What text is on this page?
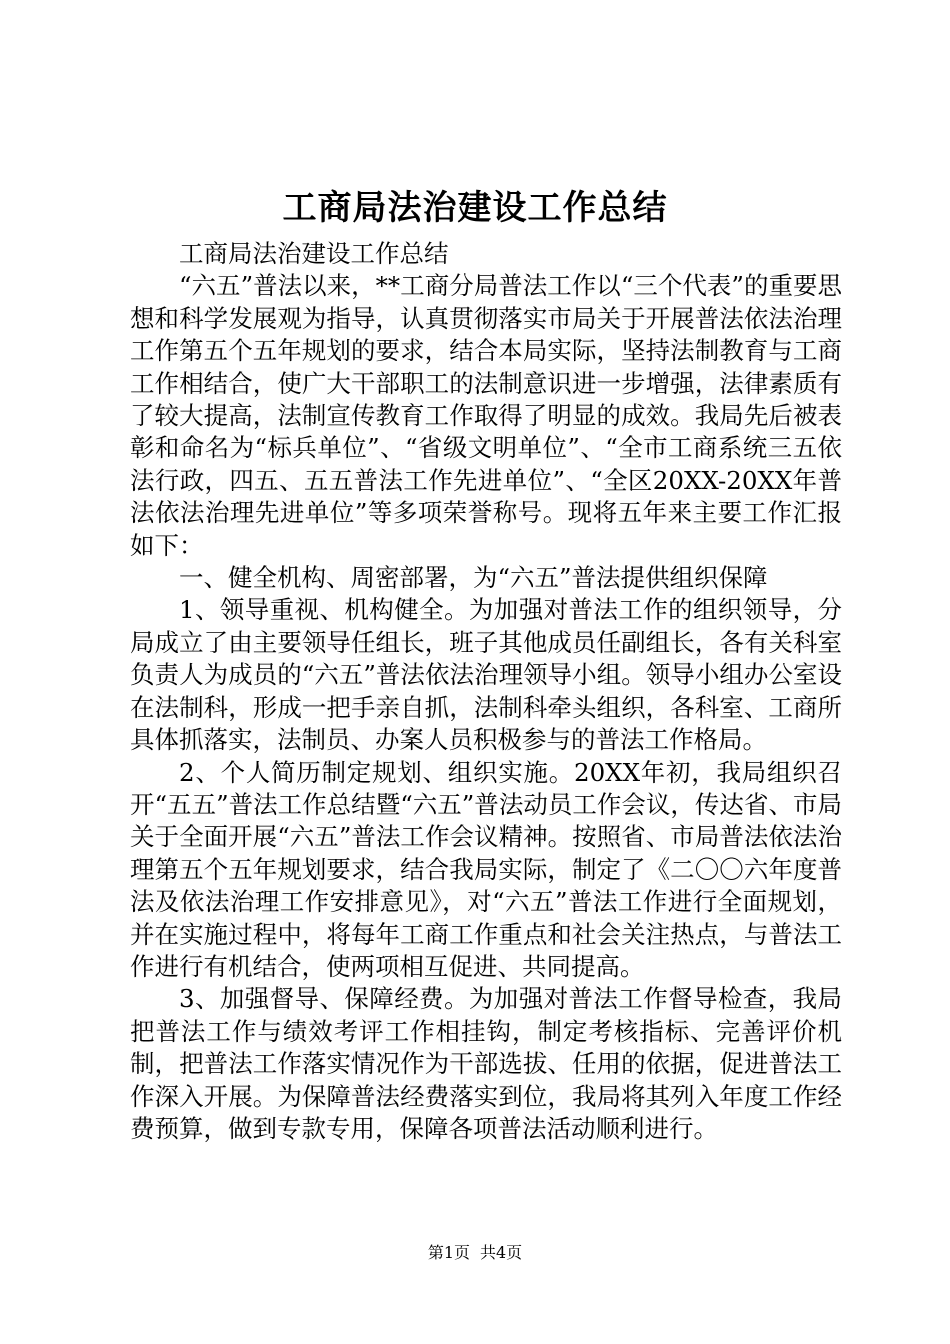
工商局法治建设工作总结

工商局法治建设工作总结

“六五”普法以来，**工商分局普法工作以“三个代表”的重要思想和科学发展观为指导，认真贯彻落实市局关于开展普法依法治理工作第五个五年规划的要求，结合本局实际，坚持法制教育与工商工作相结合，使广大干部职工的法制意识进一步增强，法律素质有了较大提高，法制宣传教育工作取得了明显的成效。我局先后被表彰和命名为“标兵单位”、“省级文明单位”、“全市工商系统三五依法行政，四五、五五普法工作先进单位”、“全区20XX-20XX年普法依法治理先进单位”等多项荣誉称号。现将五年来主要工作汇报如下：

一、健全机构、周密部署，为“六五”普法提供组织保障

1、领导重视、机构健全。为加强对普法工作的组织领导，分局成立了由主要领导任组长，班子其他成员任副组长，各有关科室负责人为成员的“六五”普法依法治理领导小组。领导小组办公室设在法制科，形成一把手亲自抓，法制科牵头组织，各科室、工商所具体抓落实，法制员、办案人员积极参与的普法工作格局。

2、个人简历制定规划、组织实施。20XX年初，我局组织召开“五五”普法工作总结暨“六五”普法动员工作会议，传达省、市局关于全面开展“六五”普法工作会议精神。按照省、市局普法依法治理第五个五年规划要求，结合我局实际，制定了《二〇〇六年度普法及依法治理工作安排意见》，对“六五”普法工作进行全面规划，并在实施过程中，将每年工商工作重点和社会关注热点，与普法工作进行有机结合，使两项相互促进、共同提高。

3、加强督导、保障经费。为加强对普法工作督导检查，我局把普法工作与绩效考评工作相挂钩，制定考核指标、完善评价机制，把普法工作落实情况作为干部选拔、任用的依据，促进普法工作深入开展。为保障普法经费落实到位，我局将其列入年度工作经费预算，做到专款专用，保障各项普法活动顺利进行。

第1页 共4页
